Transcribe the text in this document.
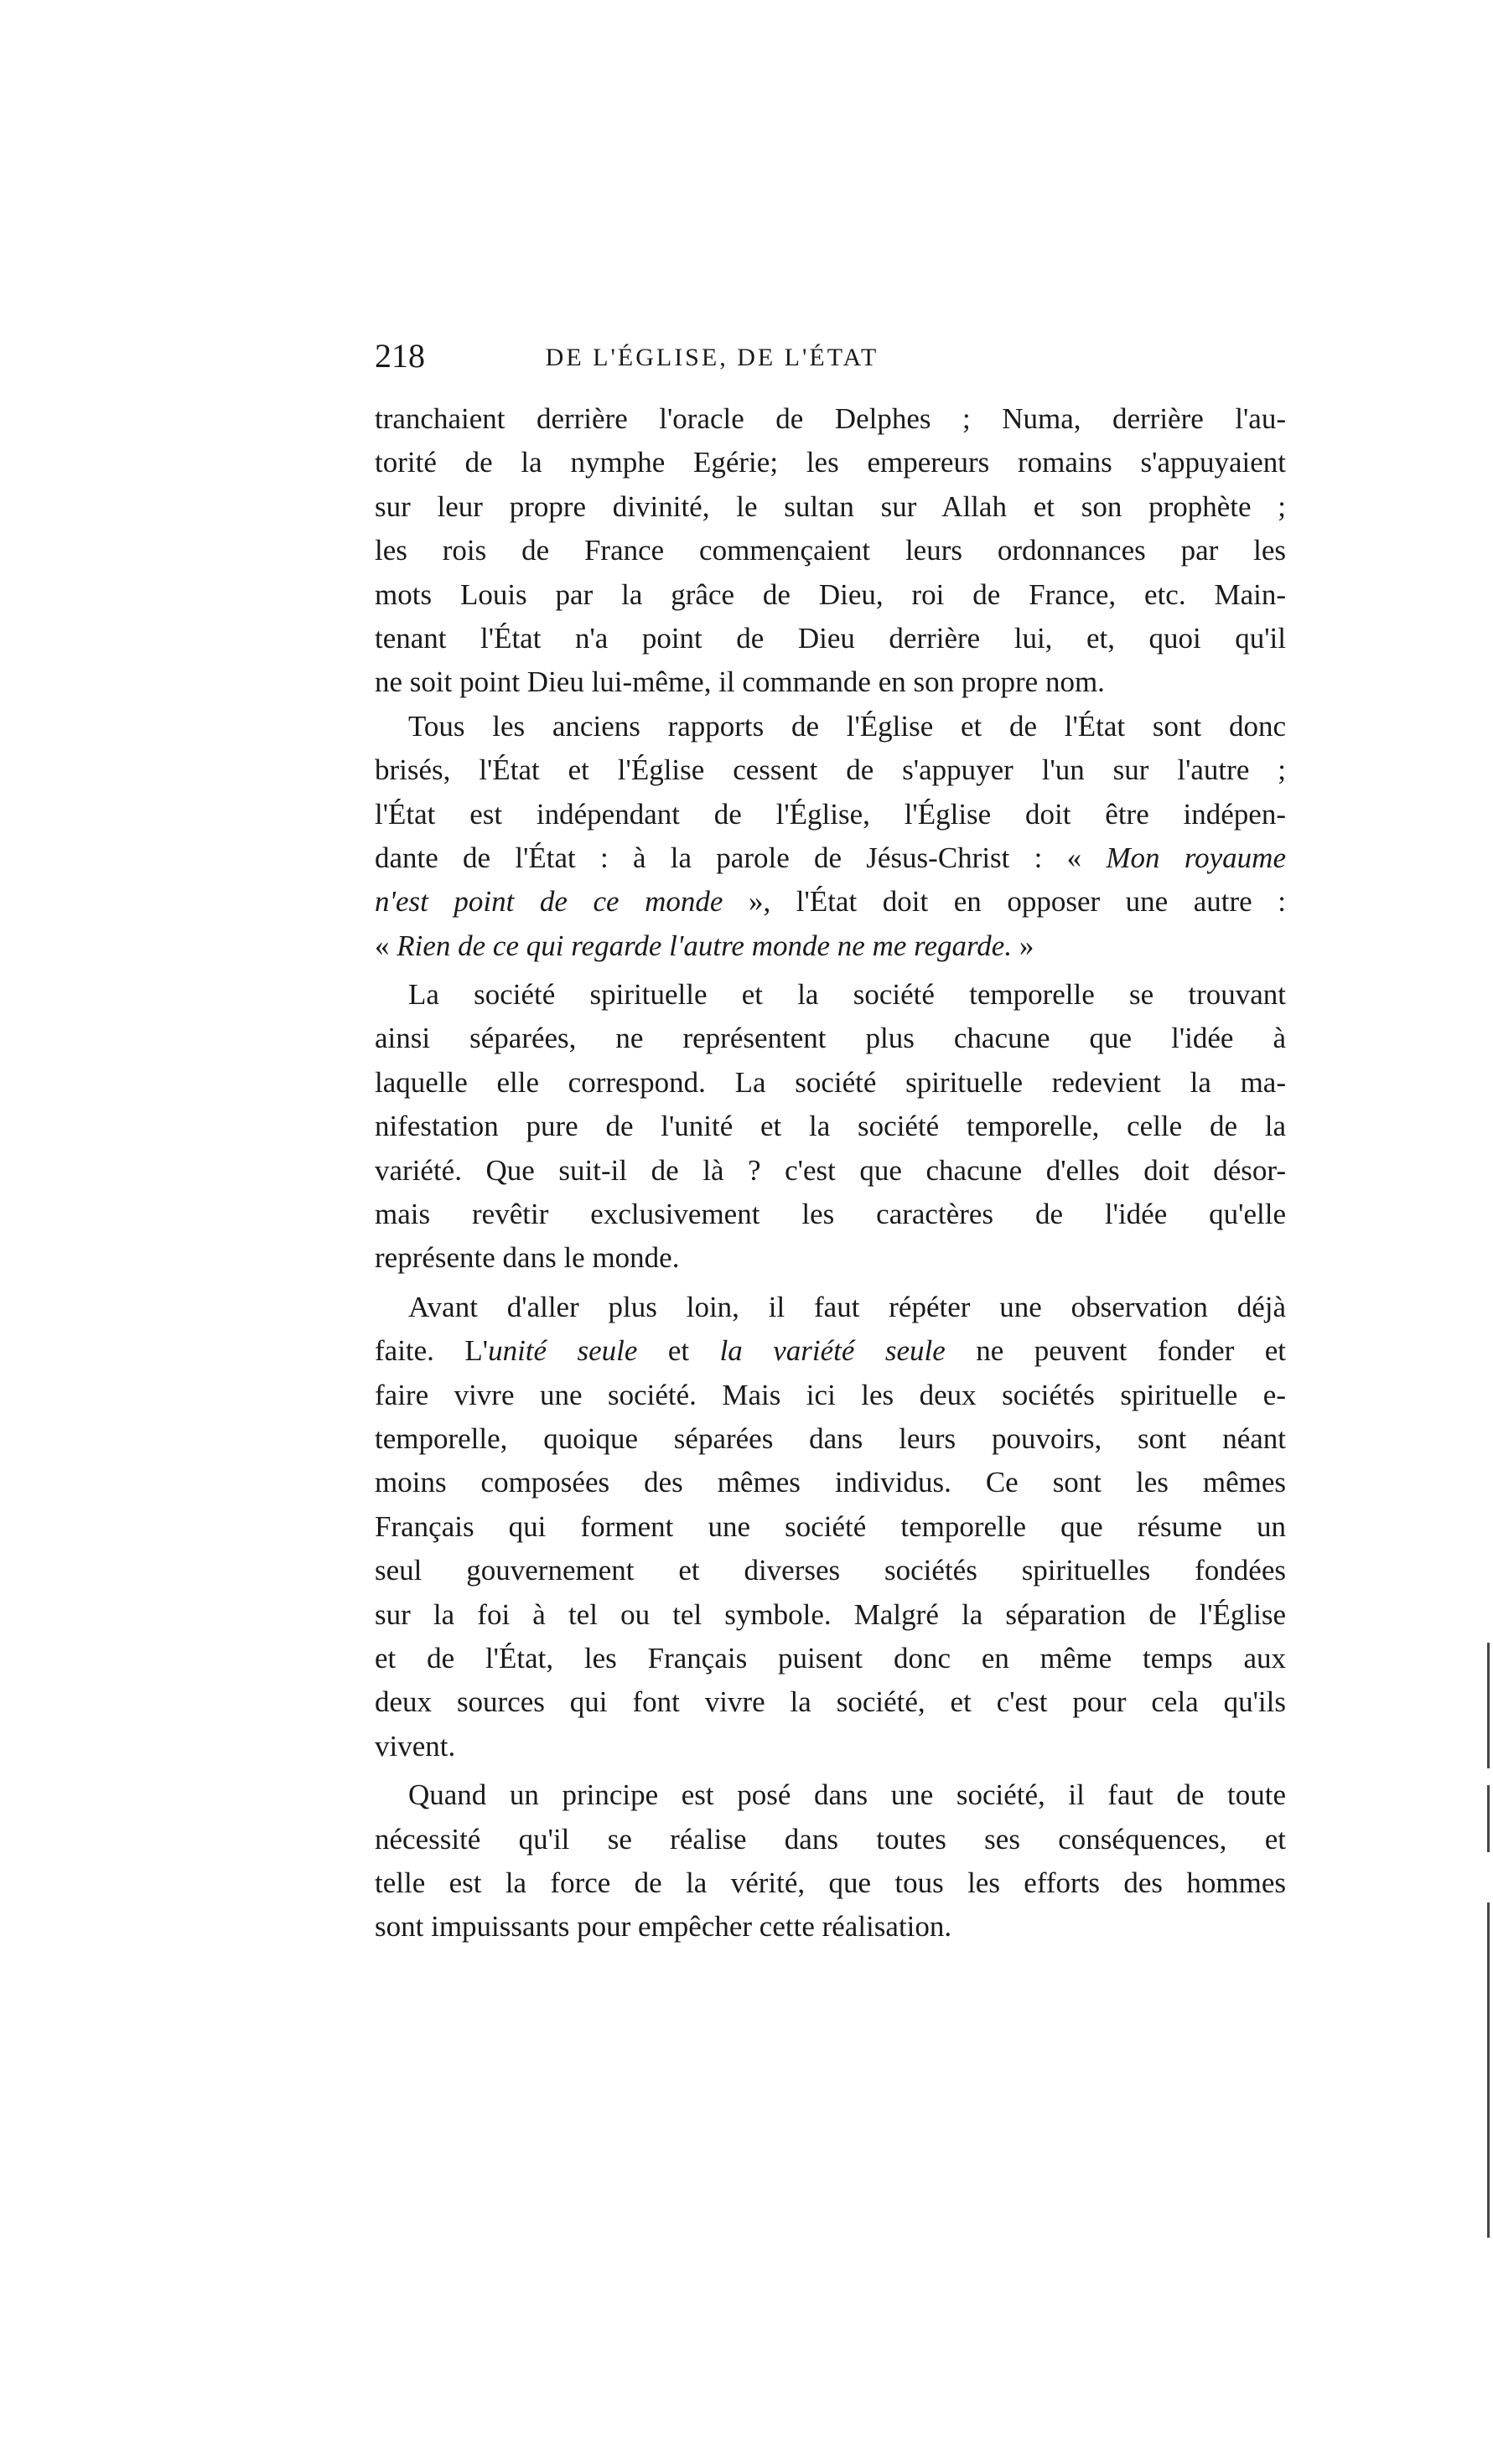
218	DE L'ÉGLISE, DE L'ÉTAT
tranchaient derrière l'oracle de Delphes ; Numa, derrière l'au-
torité de la nymphe Egérie; les empereurs romains s'appuyaient
sur leur propre divinité, le sultan sur Allah et son prophète ;
les rois de France commençaient leurs ordonnances par les
mots Louis par la grâce de Dieu, roi de France, etc. Main-
tenant l'État n'a point de Dieu derrière lui, et, quoi qu'il
ne soit point Dieu lui-même, il commande en son propre nom.
Tous les anciens rapports de l'Église et de l'État sont donc
brisés, l'État et l'Église cessent de s'appuyer l'un sur l'autre ;
l'État est indépendant de l'Église, l'Église doit être indépen-
dante de l'État : à la parole de Jésus-Christ : « Mon royaume
n'est point de ce monde », l'État doit en opposer une autre :
« Rien de ce qui regarde l'autre monde ne me regarde. »
La société spirituelle et la société temporelle se trouvant
ainsi séparées, ne représentent plus chacune que l'idée à
laquelle elle correspond. La société spirituelle redevient la ma-
nifestation pure de l'unité et la société temporelle, celle de la
variété. Que suit-il de là ? c'est que chacune d'elles doit désor-
mais revêtir exclusivement les caractères de l'idée qu'elle
représente dans le monde.
Avant d'aller plus loin, il faut répéter une observation déjà
faite. L'unité seule et la variété seule ne peuvent fonder et
faire vivre une société. Mais ici les deux sociétés spirituelle e-
temporelle, quoique séparées dans leurs pouvoirs, sont néant
moins composées des mêmes individus. Ce sont les mêmes
Français qui forment une société temporelle que résume un
seul gouvernement et diverses sociétés spirituelles fondées
sur la foi à tel ou tel symbole. Malgré la séparation de l'Église
et de l'État, les Français puisent donc en même temps aux
deux sources qui font vivre la société, et c'est pour cela qu'ils
vivent.
Quand un principe est posé dans une société, il faut de toute
nécessité qu'il se réalise dans toutes ses conséquences, et
telle est la force de la vérité, que tous les efforts des hommes
sont impuissants pour empêcher cette réalisation.
